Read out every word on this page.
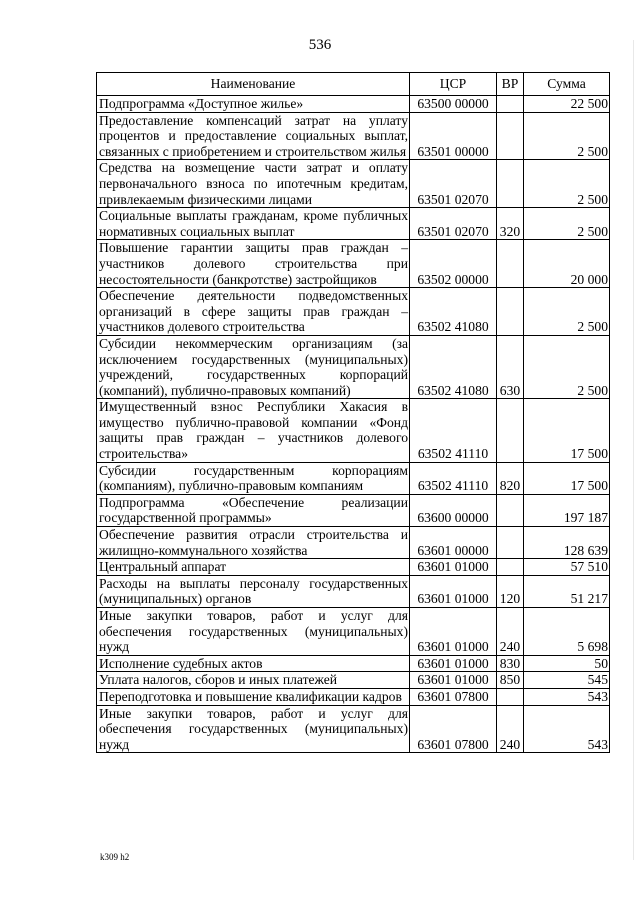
536
Наименование	ЦСР	ВР	Сумма
Подпрограмма «Доступное жилье»	63500 00000		22 500
Предоставление компенсаций затрат на уплату процентов и предоставление социальных выплат, связанных с приобретением и строительством жилья	63501 00000		2 500
Средства на возмещение части затрат и оплату первоначального взноса по ипотечным кредитам, привлекаемым физическими лицами	63501 02070		2 500
Социальные выплаты гражданам, кроме публичных нормативных социальных выплат	63501 02070	320	2 500
Повышение гарантии защиты прав граждан – участников долевого строительства при несостоятельности (банкротстве) застройщиков	63502 00000		20 000
Обеспечение деятельности подведомственных организаций в сфере защиты прав граждан – участников долевого строительства	63502 41080		2 500
Субсидии некоммерческим организациям (за исключением государственных (муниципальных) учреждений, государственных корпораций (компаний), публично-правовых компаний)	63502 41080	630	2 500
Имущественный взнос Республики Хакасия в имущество публично-правовой компании «Фонд защиты прав граждан – участников долевого строительства»	63502 41110		17 500
Субсидии государственным корпорациям (компаниям), публично-правовым компаниям	63502 41110	820	17 500
Подпрограмма «Обеспечение реализации государственной программы»	63600 00000		197 187
Обеспечение развития отрасли строительства и жилищно-коммунального хозяйства	63601 00000		128 639
Центральный аппарат	63601 01000		57 510
Расходы на выплаты персоналу государственных (муниципальных) органов	63601 01000	120	51 217
Иные закупки товаров, работ и услуг для обеспечения государственных (муниципальных) нужд	63601 01000	240	5 698
Исполнение судебных актов	63601 01000	830	50
Уплата налогов, сборов и иных платежей	63601 01000	850	545
Переподготовка и повышение квалификации кадров	63601 07800		543
Иные закупки товаров, работ и услуг для обеспечения государственных (муниципальных) нужд	63601 07800	240	543
k309 h2
